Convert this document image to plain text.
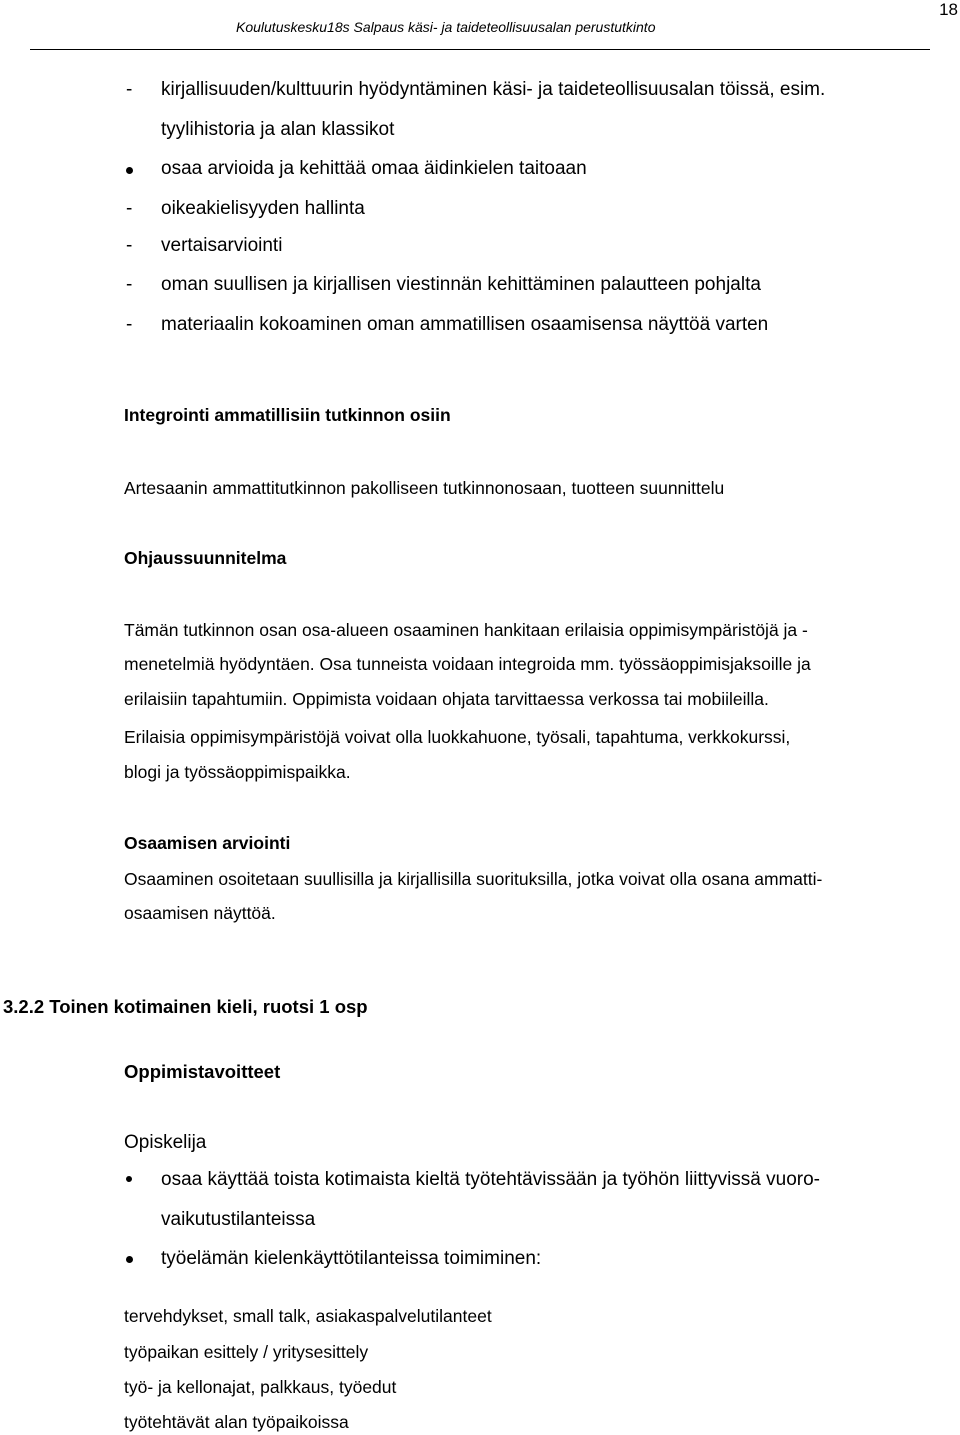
Koulutuskesku18s Salpaus käsi- ja taideteollisuusalan perustutkinto
18
- kirjallisuuden/kulttuurin hyödyntäminen käsi- ja taideteollisuusalan töissä, esim.
tyylihistoria ja alan klassikot
osaa arvioida ja kehittää omaa äidinkielen taitoaan
- oikeakielisyyden hallinta
- vertaisarviointi
- oman suullisen ja kirjallisen viestinnän kehittäminen palautteen pohjalta
- materiaalin kokoaminen oman ammatillisen osaamisensa näyttöä varten
Integrointi ammatillisiin tutkinnon osiin
Artesaanin ammattitutkinnon pakolliseen tutkinnonosaan, tuotteen suunnittelu
Ohjaussuunnitelma
Tämän tutkinnon osan osa-alueen osaaminen hankitaan erilaisia oppimisympäristöjä ja -
menetelmiä hyödyntäen. Osa tunneista voidaan integroida mm. työssäoppimisjaksoille ja
erilaisiin tapahtumiin. Oppimista voidaan ohjata tarvittaessa verkossa tai mobiileilla.
Erilaisia oppimisympäristöjä voivat olla luokkahuone, työsali, tapahtuma, verkkokurssi,
blogi ja työssäoppimispaikka.
Osaamisen arviointi
Osaaminen osoitetaan suullisilla ja kirjallisilla suorituksilla, jotka voivat olla osana ammatti-
osaamisen näyttöä.
3.2.2 Toinen kotimainen kieli, ruotsi 1 osp
Oppimistavoitteet
Opiskelija
osaa käyttää toista kotimaista kieltä työtehtävissään ja työhön liittyvissä vuoro-
vaikutustilanteissa
työelämän kielenkäyttötilanteissa toimiminen:
tervehdykset, small talk, asiakaspalvelutilanteet
työpaikan esittely / yritysesittely
työ- ja kellonajat, palkkaus, työedut
työtehtävät alan työpaikoissa
